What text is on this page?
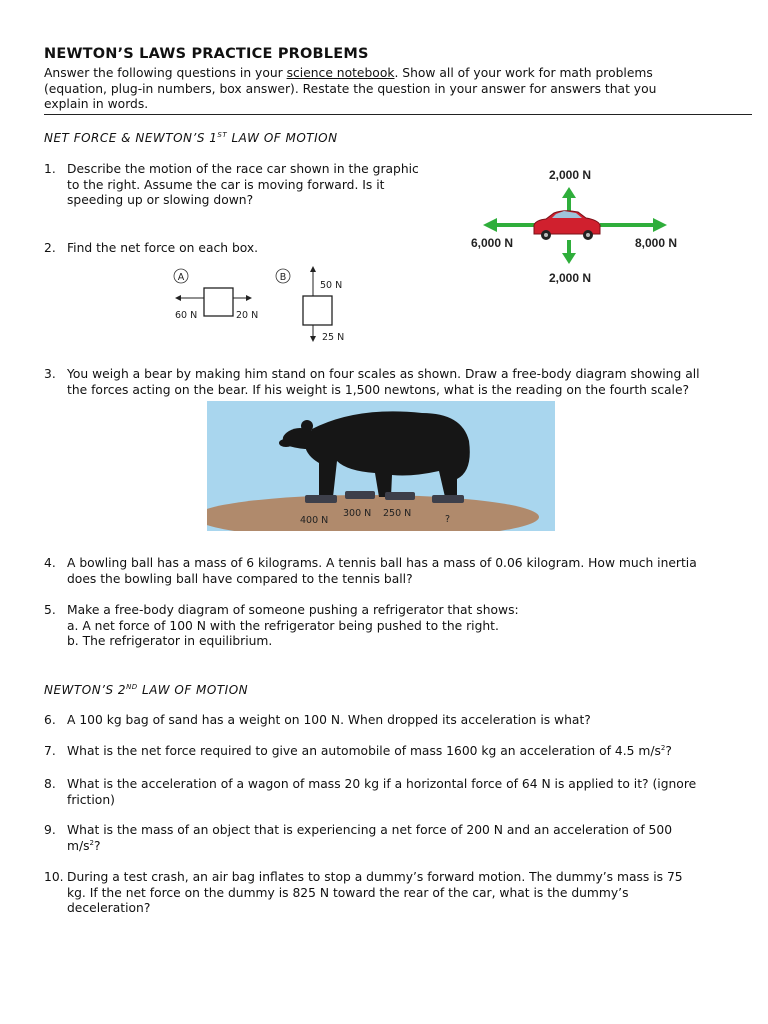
NEWTON’S LAWS PRACTICE PROBLEMS
Answer the following questions in your science notebook. Show all of your work for math problems
(equation, plug-in numbers, box answer). Restate the question in your answer for answers that you
explain in words.
NET FORCE & NEWTON’S 1ST LAW OF MOTION
1. Describe the motion of the race car shown in the graphic
to the right. Assume the car is moving forward. Is it
speeding up or slowing down?
2,000 N
6,000 N	8,000 N
2,000 N
2. Find the net force on each box.
A
60 N	20 N
B
50 N
25 N
3. You weigh a bear by making him stand on four scales as shown. Draw a free-body diagram showing all
the forces acting on the bear. If his weight is 1,500 newtons, what is the reading on the fourth scale?
400 N
300 N 250 N
?
4. A bowling ball has a mass of 6 kilograms. A tennis ball has a mass of 0.06 kilogram. How much inertia
does the bowling ball have compared to the tennis ball?
5. Make a free-body diagram of someone pushing a refrigerator that shows:
a. A net force of 100 N with the refrigerator being pushed to the right.
b. The refrigerator in equilibrium.
NEWTON’S 2ND LAW OF MOTION
6. A 100 kg bag of sand has a weight on 100 N. When dropped its acceleration is what?
7. What is the net force required to give an automobile of mass 1600 kg an acceleration of 4.5 $m/s^2$?
8. What is the acceleration of a wagon of mass 20 kg if a horizontal force of 64 N is applied to it? (ignore
friction)
9. What is the mass of an object that is experiencing a net force of 200 N and an acceleration of 500
$m/s^2$?
10. During a test crash, an air bag inflates to stop a dummy’s forward motion. The dummy’s mass is 75
kg. If the net force on the dummy is 825 N toward the rear of the car, what is the dummy’s
deceleration?
